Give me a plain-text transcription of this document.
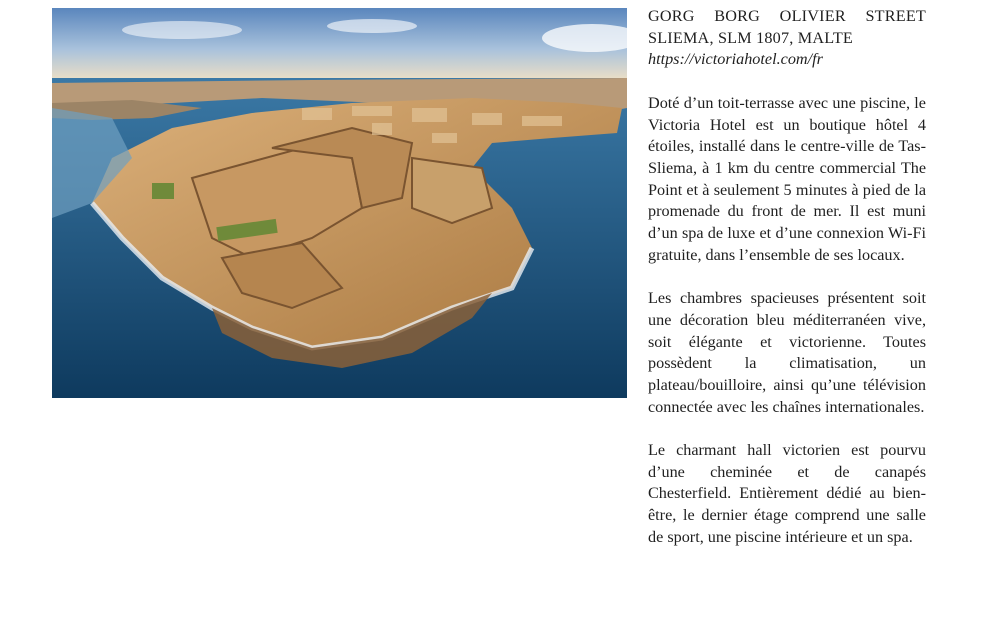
GORG BORG OLIVIER STREET SLIEMA, SLM 1807, MALTE

https://victoriahotel.com/fr

Doté d’un toit-terrasse avec une piscine, le Victoria Hotel est un boutique hôtel 4 étoiles, installé dans le centre-ville de Tas-Sliema, à 1 km du centre commercial The Point et à seulement 5 minutes à pied de la promenade du front de mer. Il est muni d’un spa de luxe et d’une connexion Wi-Fi gratuite, dans l’ensemble de ses locaux.

Les chambres spacieuses présentent soit une décoration bleu méditerranéen vive, soit élégante et victorienne. Toutes possèdent la climatisation, un plateau/bouilloire, ainsi qu’une télévision connectée avec les chaînes internationales.

Le charmant hall victorien est pourvu d’une cheminée et de canapés Chesterfield. Entièrement dédié au bien-être, le dernier étage comprend une salle de sport, une piscine intérieure et un spa.
